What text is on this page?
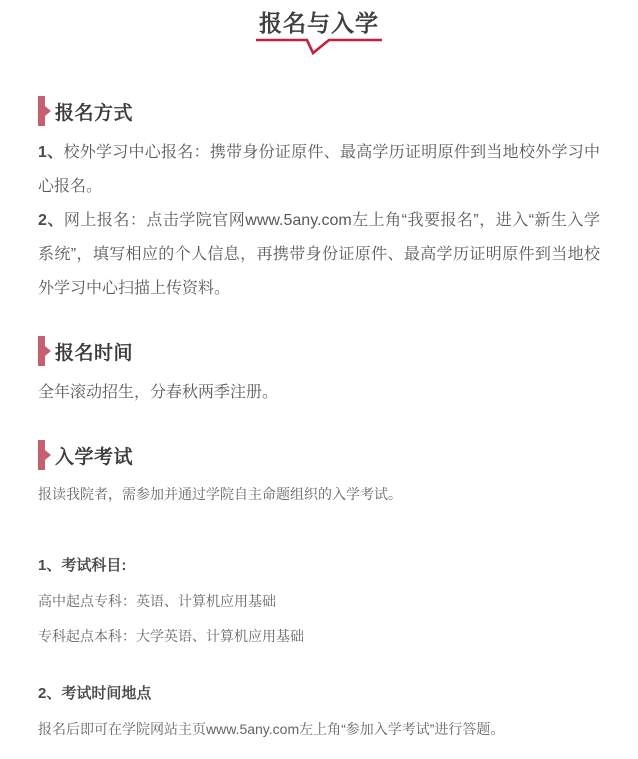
报名与入学
报名方式

1、校外学习中心报名：携带身份证原件、最高学历证明原件到当地校外学习中心报名。

2、网上报名：点击学院官网www.5any.com左上角“我要报名”，进入“新生入学系统”，填写相应的个人信息，再携带身份证原件、最高学历证明原件到当地校外学习中心扫描上传资料。

报名时间

全年滚动招生，分春秋两季注册。

入学考试

报读我院者，需参加并通过学院自主命题组织的入学考试。

1、考试科目:

高中起点专科：英语、计算机应用基础

专科起点本科：大学英语、计算机应用基础

2、考试时间地点

报名后即可在学院网站主页www.5any.com左上角“参加入学考试”进行答题。
